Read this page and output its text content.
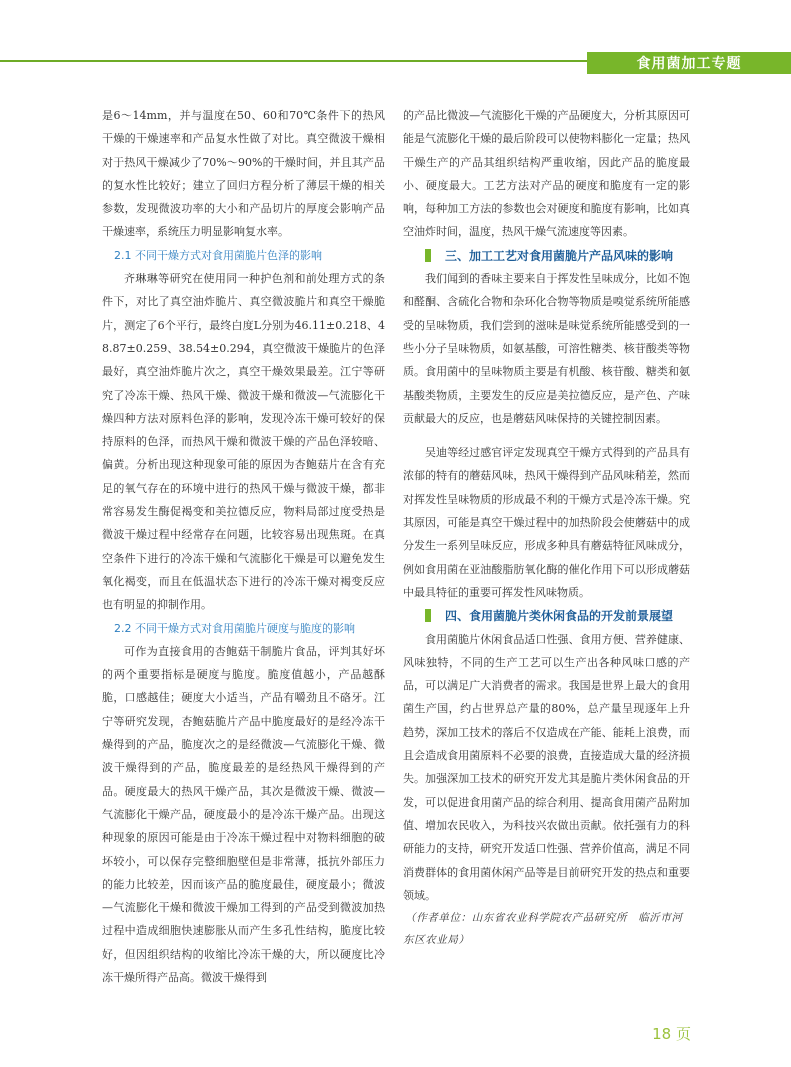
食用菌加工专题

是6～14mm，并与温度在50、60和70℃条件下的热风干燥的干燥速率和产品复水性做了对比。真空微波干燥相对于热风干燥减少了70%～90%的干燥时间，并且其产品的复水性比较好；建立了回归方程分析了薄层干燥的相关参数，发现微波功率的大小和产品切片的厚度会影响产品干燥速率，系统压力明显影响复水率。

2.1 不同干燥方式对食用菌脆片色泽的影响

齐琳琳等研究在使用同一种护色剂和前处理方式的条件下，对比了真空油炸脆片、真空微波脆片和真空干燥脆片，测定了6个平行，最终白度L分别为46.11±0.218、48.87±0.259、38.54±0.294，真空微波干燥脆片的色泽最好，真空油炸脆片次之，真空干燥效果最差。江宁等研究了冷冻干燥、热风干燥、微波干燥和微波—气流膨化干燥四种方法对原料色泽的影响，发现冷冻干燥可较好的保持原料的色泽，而热风干燥和微波干燥的产品色泽较暗、偏黄。分析出现这种现象可能的原因为杏鲍菇片在含有充足的氧气存在的环境中进行的热风干燥与微波干燥，都非常容易发生酶促褐变和美拉德反应，物料局部过度受热是微波干燥过程中经常存在问题，比较容易出现焦斑。在真空条件下进行的冷冻干燥和气流膨化干燥是可以避免发生氧化褐变，而且在低温状态下进行的冷冻干燥对褐变反应也有明显的抑制作用。

2.2 不同干燥方式对食用菌脆片硬度与脆度的影响

可作为直接食用的杏鲍菇干制脆片食品，评判其好坏的两个重要指标是硬度与脆度。脆度值越小，产品越酥脆，口感越佳；硬度大小适当，产品有嚼劲且不硌牙。江宁等研究发现，杏鲍菇脆片产品中脆度最好的是经冷冻干燥得到的产品，脆度次之的是经微波—气流膨化干燥、微波干燥得到的产品，脆度最差的是经热风干燥得到的产品。硬度最大的热风干燥产品，其次是微波干燥、微波—气流膨化干燥产品，硬度最小的是冷冻干燥产品。出现这种现象的原因可能是由于冷冻干燥过程中对物料细胞的破坏较小，可以保存完整细胞壁但是非常薄，抵抗外部压力的能力比较差，因而该产品的脆度最佳，硬度最小；微波—气流膨化干燥和微波干燥加工得到的产品受到微波加热过程中造成细胞快速膨胀从而产生多孔性结构，脆度比较好，但因组织结构的收缩比冷冻干燥的大，所以硬度比冷冻干燥所得产品高。微波干燥得到

的产品比微波—气流膨化干燥的产品硬度大，分析其原因可能是气流膨化干燥的最后阶段可以使物料膨化一定量；热风干燥生产的产品其组织结构严重收缩，因此产品的脆度最小、硬度最大。工艺方法对产品的硬度和脆度有一定的影响，每种加工方法的参数也会对硬度和脆度有影响，比如真空油炸时间，温度，热风干燥气流速度等因素。

三、加工工艺对食用菌脆片产品风味的影响

我们闻到的香味主要来自于挥发性呈味成分，比如不饱和醛酮、含硫化合物和杂环化合物等物质是嗅觉系统所能感受的呈味物质，我们尝到的滋味是味觉系统所能感受到的一些小分子呈味物质，如氨基酸，可溶性糖类、核苷酸类等物质。食用菌中的呈味物质主要是有机酸、核苷酸、糖类和氨基酸类物质，主要发生的反应是美拉德反应，是产色、产味贡献最大的反应，也是蘑菇风味保持的关键控制因素。

吴迪等经过感官评定发现真空干燥方式得到的产品具有浓郁的特有的蘑菇风味，热风干燥得到产品风味稍差，然而对挥发性呈味物质的形成最不利的干燥方式是冷冻干燥。究其原因，可能是真空干燥过程中的加热阶段会使蘑菇中的成分发生一系列呈味反应，形成多种具有蘑菇特征风味成分，例如食用菌在亚油酸脂肪氧化酶的催化作用下可以形成蘑菇中最具特征的重要可挥发性风味物质。

四、食用菌脆片类休闲食品的开发前景展望

食用菌脆片休闲食品适口性强、食用方便、营养健康、风味独特，不同的生产工艺可以生产出各种风味口感的产品，可以满足广大消费者的需求。我国是世界上最大的食用菌生产国，约占世界总产量的80%，总产量呈现逐年上升趋势，深加工技术的落后不仅造成在产能、能耗上浪费，而且会造成食用菌原料不必要的浪费，直接造成大量的经济损失。加强深加工技术的研究开发尤其是脆片类休闲食品的开发，可以促进食用菌产品的综合利用、提高食用菌产品附加值、增加农民收入，为科技兴农做出贡献。依托强有力的科研能力的支持，研究开发适口性强、营养价值高，满足不同消费群体的食用菌休闲产品等是目前研究开发的热点和重要领域。

（作者单位：山东省农业科学院农产品研究所　临沂市河东区农业局）

18 页
